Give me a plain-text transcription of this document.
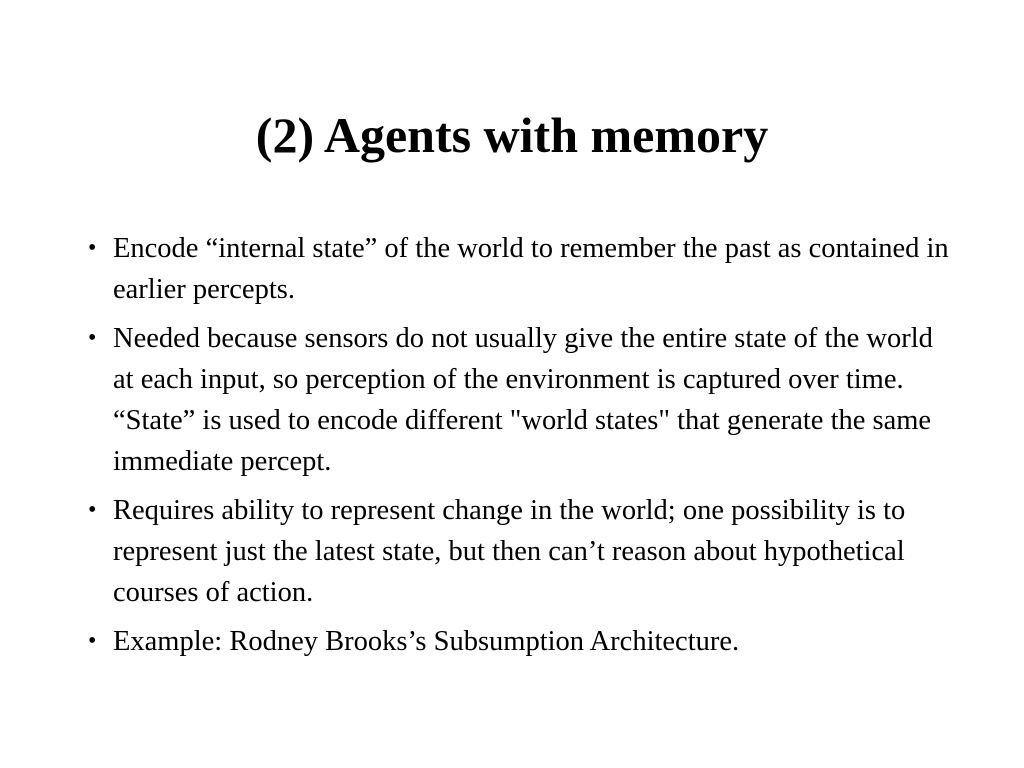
(2) Agents with memory
• Encode “internal state” of the world to remember the past as contained in earlier percepts.
• Needed because sensors do not usually give the entire state of the world at each input, so perception of the environment is captured over time. “State” is used to encode different "world states" that generate the same immediate percept.
• Requires ability to represent change in the world; one possibility is to represent just the latest state, but then can’t reason about hypothetical courses of action.
• Example: Rodney Brooks’s Subsumption Architecture.
